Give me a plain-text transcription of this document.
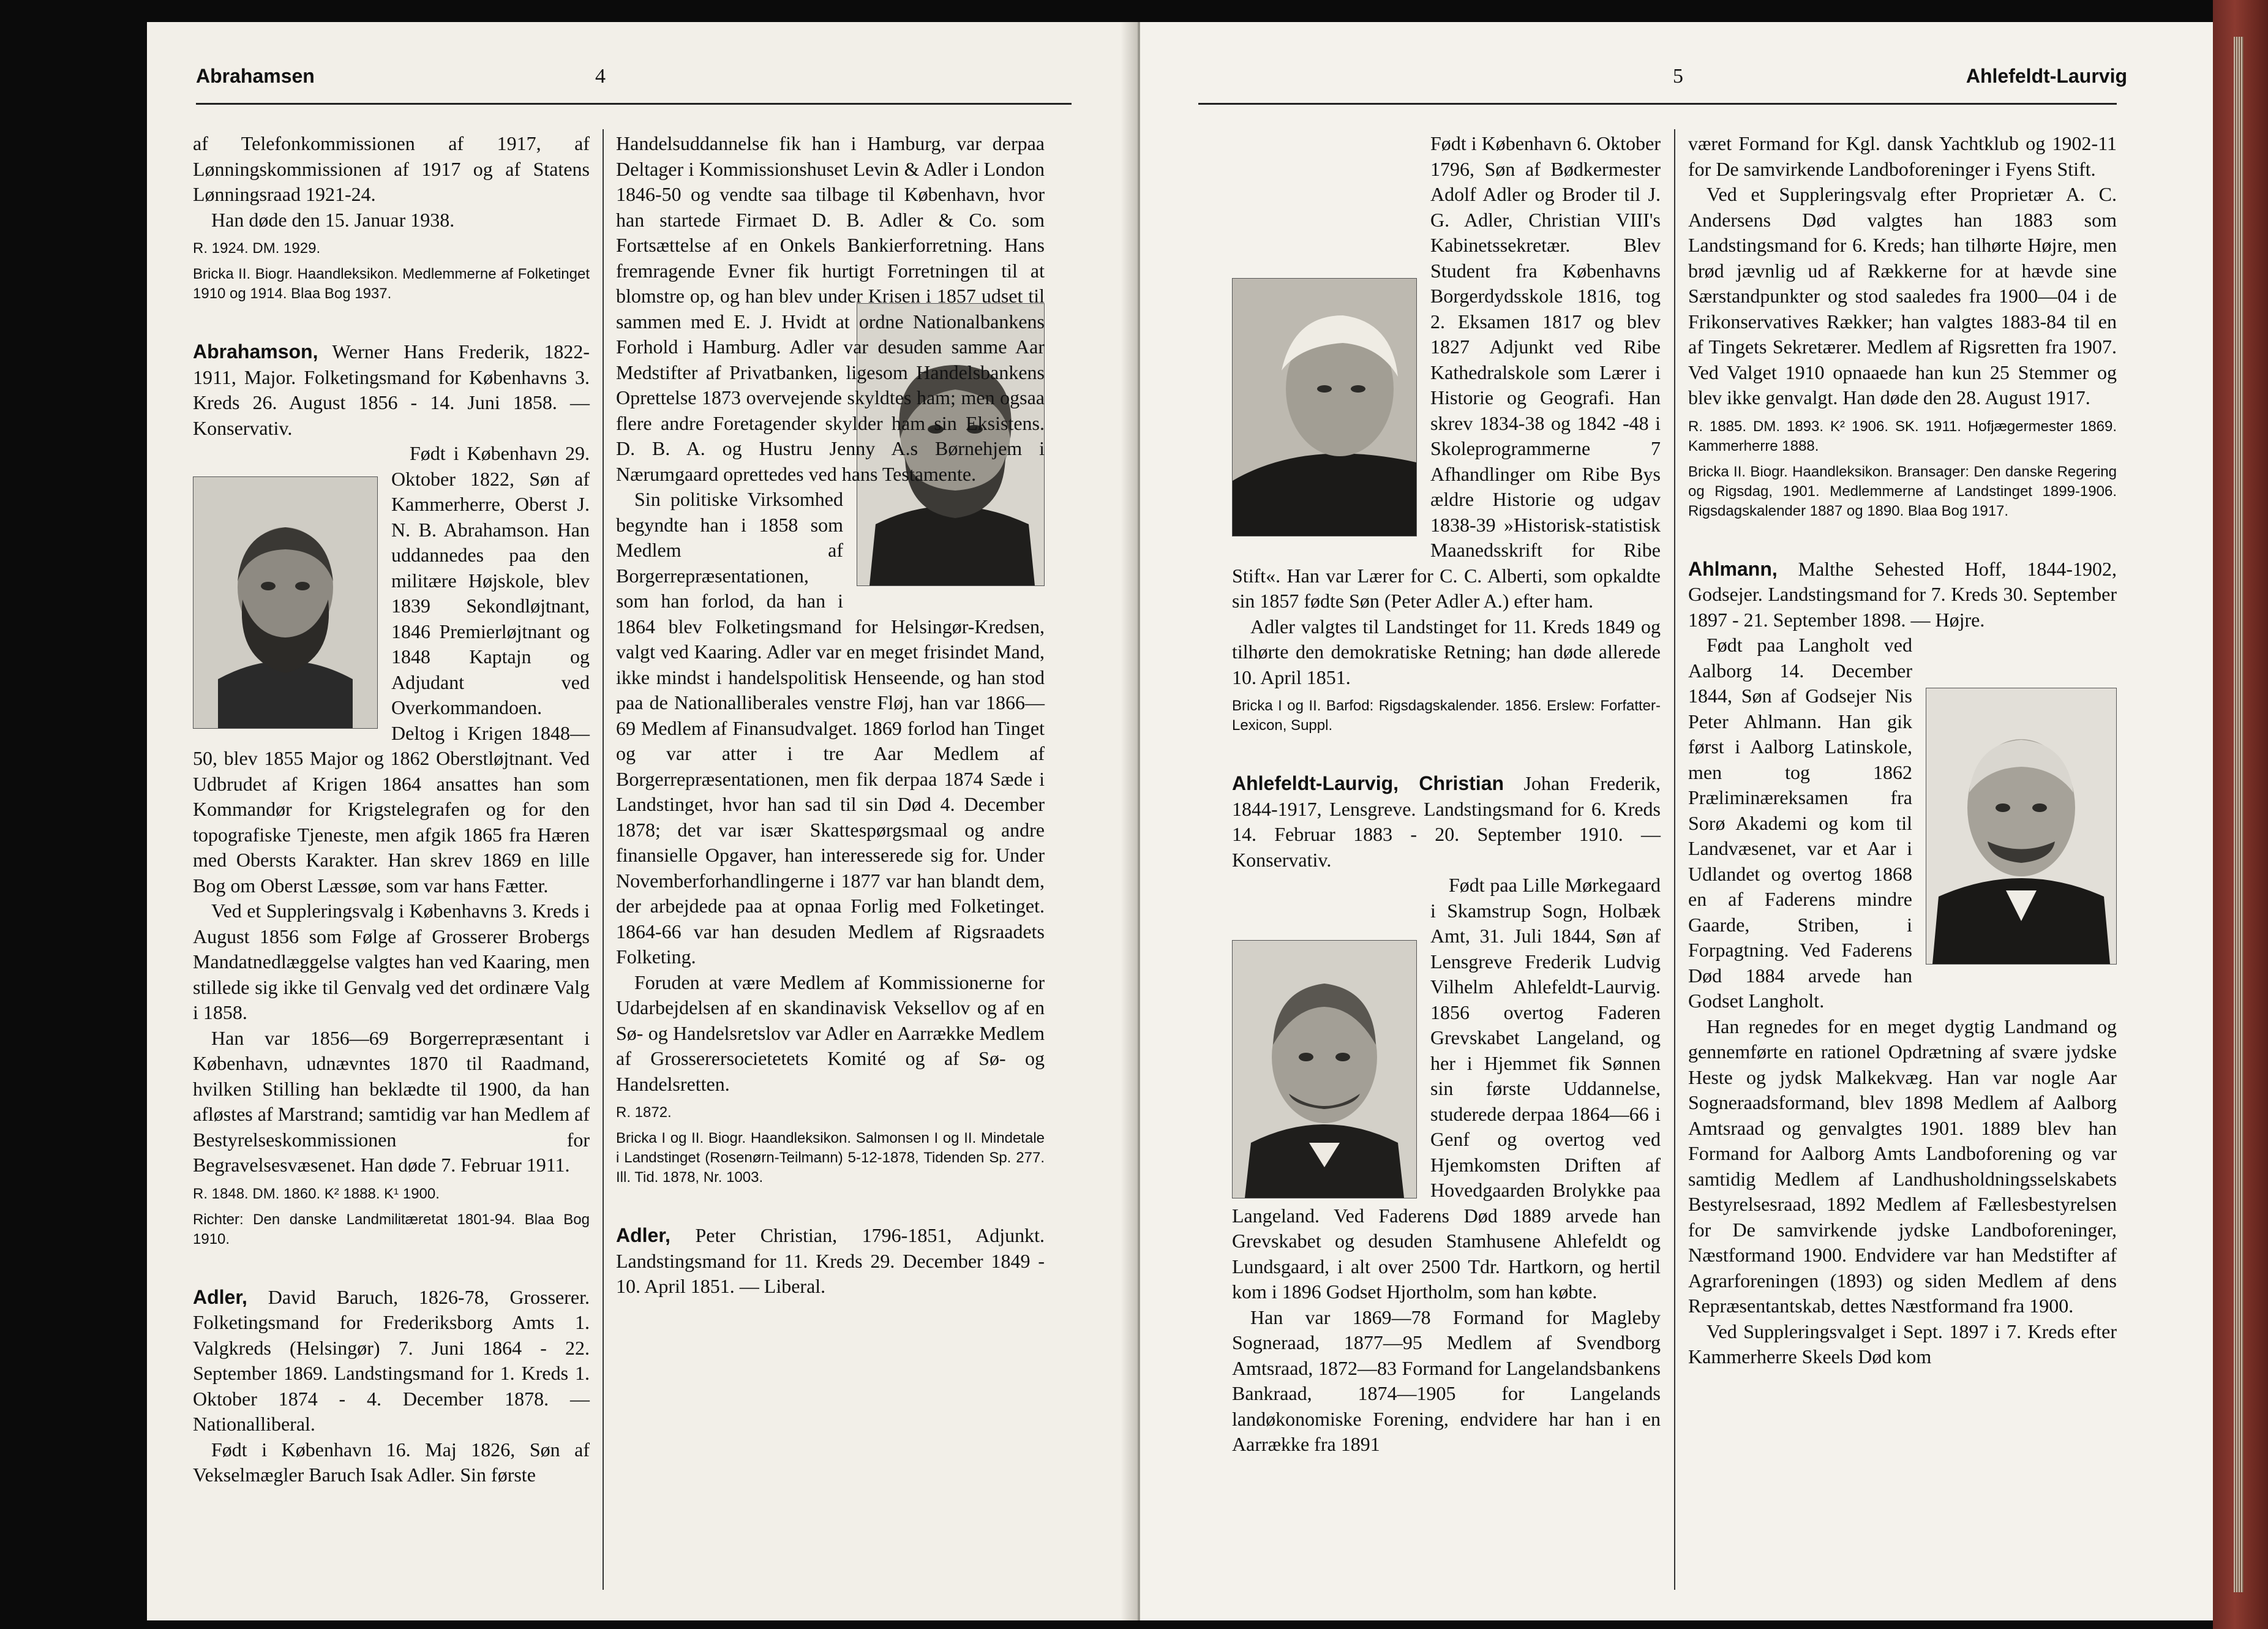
Abrahamsen	4

af Telefonkommissionen af 1917, af Lønningskommissionen af 1917 og af Statens Lønningsraad 1921-24.

Han døde den 15. Januar 1938.

R. 1924. DM. 1929.

Bricka II. Biogr. Haandleksikon. Medlemmerne af Folketinget 1910 og 1914. Blaa Bog 1937.

Abrahamson, Werner Hans Frederik, 1822-1911, Major. Folketingsmand for Københavns 3. Kreds 26. August 1856 - 14. Juni 1858. — Konservativ.

Født i København 29. Oktober 1822, Søn af Kammerherre, Oberst J. N. B. Abrahamson. Han uddannedes paa den militære Højskole, blev 1839 Sekondløjtnant, 1846 Premierløjtnant og 1848 Kaptajn og Adjudant ved Overkommandoen. Deltog i Krigen 1848—50, blev 1855 Major og 1862 Oberstløjtnant. Ved Udbrudet af Krigen 1864 ansattes han som Kommandør for Krigstelegrafen og for den topografiske Tjeneste, men afgik 1865 fra Hæren med Obersts Karakter. Han skrev 1869 en lille Bog om Oberst Læssøe, som var hans Fætter.

Ved et Suppleringsvalg i Københavns 3. Kreds i August 1856 som Følge af Grosserer Brobergs Mandatnedlæggelse valgtes han ved Kaaring, men stillede sig ikke til Genvalg ved det ordinære Valg i 1858.

Han var 1856—69 Borgerrepræsentant i København, udnævntes 1870 til Raadmand, hvilken Stilling han beklædte til 1900, da han afløstes af Marstrand; samtidig var han Medlem af Bestyrelseskommissionen for Begravelsesvæsenet. Han døde 7. Februar 1911.

R. 1848. DM. 1860. K² 1888. K¹ 1900.

Richter: Den danske Landmilitæretat 1801-94. Blaa Bog 1910.

Adler, David Baruch, 1826-78, Grosserer. Folketingsmand for Frederiksborg Amts 1. Valgkreds (Helsingør) 7. Juni 1864 - 22. September 1869. Landstingsmand for 1. Kreds 1. Oktober 1874 - 4. December 1878. — Nationalliberal.

Født i København 16. Maj 1826, Søn af Vekselmægler Baruch Isak Adler. Sin første

Handelsuddannelse fik han i Hamburg, var derpaa Deltager i Kommissionshuset Levin & Adler i London 1846-50 og vendte saa tilbage til København, hvor han startede Firmaet D. B. Adler & Co. som Fortsættelse af en Onkels Bankierforretning. Hans fremragende Evner fik hurtigt Forretningen til at blomstre op, og han blev under Krisen i 1857 udset til sammen med E. J. Hvidt at ordne Nationalbankens Forhold i Hamburg. Adler var desuden samme Aar Medstifter af Privatbanken, ligesom Handelsbankens Oprettelse 1873 overvejende skyldtes ham; men ogsaa flere andre Foretagender skylder ham sin Eksistens. D. B. A. og Hustru Jenny A.s Børnehjem i Nærumgaard oprettedes ved hans Testamente.

Sin politiske Virksomhed begyndte han i 1858 som Medlem af Borgerrepræsentationen, som han forlod, da han i 1864 blev Folketingsmand for Helsingør-Kredsen, valgt ved Kaaring. Adler var en meget frisindet Mand, ikke mindst i handelspolitisk Henseende, og han stod paa de Nationalliberales venstre Fløj, han var 1866—69 Medlem af Finansudvalget. 1869 forlod han Tinget og var atter i tre Aar Medlem af Borgerrepræsentationen, men fik derpaa 1874 Sæde i Landstinget, hvor han sad til sin Død 4. December 1878; det var især Skattespørgsmaal og andre finansielle Opgaver, han interesserede sig for. Under Novemberforhandlingerne i 1877 var han blandt dem, der arbejdede paa at opnaa Forlig med Folketinget. 1864-66 var han desuden Medlem af Rigsraadets Folketing.

Foruden at være Medlem af Kommissionerne for Udarbejdelsen af en skandinavisk Veksellov og af en Sø- og Handelsretslov var Adler en Aarrække Medlem af Grosserersocietetets Komité og af Sø- og Handelsretten.

R. 1872.

Bricka I og II. Biogr. Haandleksikon. Salmonsen I og II. Mindetale i Landstinget (Rosenørn-Teilmann) 5-12-1878, Tidenden Sp. 277. Ill. Tid. 1878, Nr. 1003.

Adler, Peter Christian, 1796-1851, Adjunkt. Landstingsmand for 11. Kreds 29. December 1849 - 10. April 1851. — Liberal.

5	Ahlefeldt-Laurvig

Født i København 6. Oktober 1796, Søn af Bødkermester Adolf Adler og Broder til J. G. Adler, Christian VIII's Kabinetssekretær. Blev Student fra Københavns Borgerdydsskole 1816, tog 2. Eksamen 1817 og blev 1827 Adjunkt ved Ribe Kathedralskole som Lærer i Historie og Geografi. Han skrev 1834-38 og 1842 -48 i Skoleprogrammerne 7 Afhandlinger om Ribe Bys ældre Historie og udgav 1838-39 »Historisk-statistisk Maanedsskrift for Ribe Stift«. Han var Lærer for C. C. Alberti, som opkaldte sin 1857 fødte Søn (Peter Adler A.) efter ham.

Adler valgtes til Landstinget for 11. Kreds 1849 og tilhørte den demokratiske Retning; han døde allerede 10. April 1851.

Bricka I og II. Barfod: Rigsdagskalender. 1856. Erslew: Forfatter-Lexicon, Suppl.

Ahlefeldt-Laurvig, Christian Johan Frederik, 1844-1917, Lensgreve. Landstingsmand for 6. Kreds 14. Februar 1883 - 20. September 1910. — Konservativ.

Født paa Lille Mørkegaard i Skamstrup Sogn, Holbæk Amt, 31. Juli 1844, Søn af Lensgreve Frederik Ludvig Vilhelm Ahlefeldt-Laurvig. 1856 overtog Faderen Grevskabet Langeland, og her i Hjemmet fik Sønnen sin første Uddannelse, studerede derpaa 1864—66 i Genf og overtog ved Hjemkomsten Driften af Hovedgaarden Brolykke paa Langeland. Ved Faderens Død 1889 arvede han Grevskabet og desuden Stamhusene Ahlefeldt og Lundsgaard, i alt over 2500 Tdr. Hartkorn, og hertil kom i 1896 Godset Hjortholm, som han købte.

Han var 1869—78 Formand for Magleby Sogneraad, 1877—95 Medlem af Svendborg Amtsraad, 1872—83 Formand for Langelandsbankens Bankraad, 1874—1905 for Langelands landøkonomiske Forening, endvidere har han i en Aarrække fra 1891

været Formand for Kgl. dansk Yachtklub og 1902-11 for De samvirkende Landboforeninger i Fyens Stift.

Ved et Suppleringsvalg efter Proprietær A. C. Andersens Død valgtes han 1883 som Landstingsmand for 6. Kreds; han tilhørte Højre, men brød jævnlig ud af Rækkerne for at hævde sine Særstandpunkter og stod saaledes fra 1900—04 i de Frikonservatives Rækker; han valgtes 1883-84 til en af Tingets Sekretærer. Medlem af Rigsretten fra 1907. Ved Valget 1910 opnaaede han kun 25 Stemmer og blev ikke genvalgt. Han døde den 28. August 1917.

R. 1885. DM. 1893. K² 1906. SK. 1911. Hofjægermester 1869. Kammerherre 1888.

Bricka II. Biogr. Haandleksikon. Bransager: Den danske Regering og Rigsdag, 1901. Medlemmerne af Landstinget 1899-1906. Rigsdagskalender 1887 og 1890. Blaa Bog 1917.

Ahlmann, Malthe Sehested Hoff, 1844-1902, Godsejer. Landstingsmand for 7. Kreds 30. September 1897 - 21. September 1898. — Højre.

Født paa Langholt ved Aalborg 14. December 1844, Søn af Godsejer Nis Peter Ahlmann. Han gik først i Aalborg Latinskole, men tog 1862 Præliminæreksamen fra Sorø Akademi og kom til Landvæsenet, var et Aar i Udlandet og overtog 1868 en af Faderens mindre Gaarde, Striben, i Forpagtning. Ved Faderens Død 1884 arvede han Godset Langholt.

Han regnedes for en meget dygtig Landmand og gennemførte en rationel Opdrætning af svære jydske Heste og jydsk Malkekvæg. Han var nogle Aar Sogneraadsformand, blev 1898 Medlem af Aalborg Amtsraad og genvalgtes 1901. 1889 blev han Formand for Aalborg Amts Landboforening og var samtidig Medlem af Landhusholdningsselskabets Bestyrelsesraad, 1892 Medlem af Fællesbestyrelsen for De samvirkende jydske Landboforeninger, Næstformand 1900. Endvidere var han Medstifter af Agrarforeningen (1893) og siden Medlem af dens Repræsentantskab, dettes Næstformand fra 1900.

Ved Suppleringsvalget i Sept. 1897 i 7. Kreds efter Kammerherre Skeels Død kom
